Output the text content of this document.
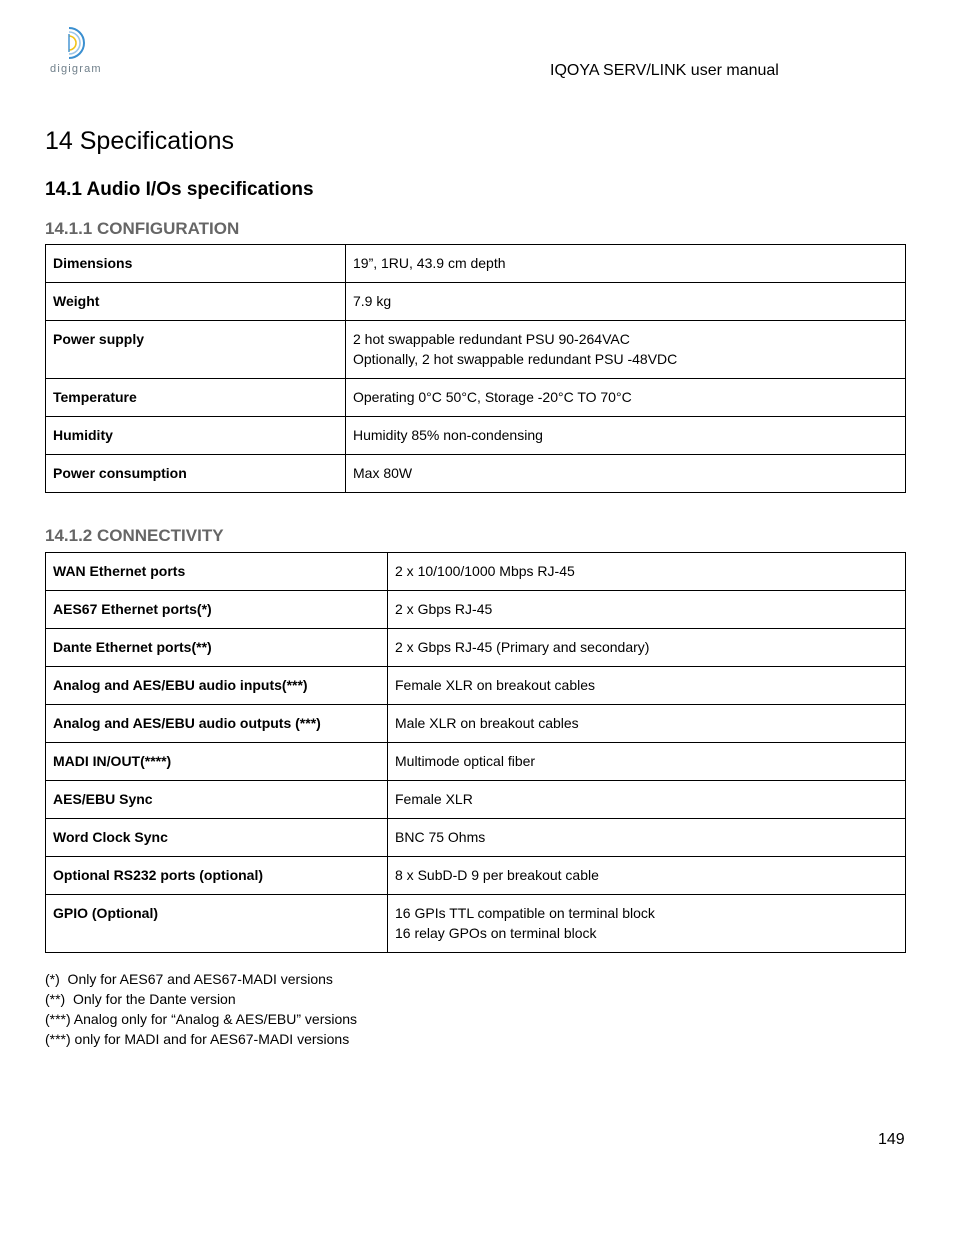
digigram	IQOYA SERV/LINK user manual
14 Specifications
14.1 Audio I/Os specifications
14.1.1 CONFIGURATION
Dimensions	19”, 1RU, 43.9 cm depth

Weight	7.9 kg

Power supply	2 hot swappable redundant PSU 90-264VAC
Optionally, 2 hot swappable redundant PSU -48VDC

Temperature	Operating 0°C 50°C, Storage -20°C TO 70°C

Humidity	Humidity 85% non-condensing

Power consumption	Max 80W
14.1.2 CONNECTIVITY
WAN Ethernet ports	2 x 10/100/1000 Mbps RJ-45

AES67 Ethernet ports(*)	2 x Gbps RJ-45

Dante Ethernet ports(**)	2 x Gbps RJ-45 (Primary and secondary)

Analog and AES/EBU audio inputs(***)	Female XLR on breakout cables

Analog and AES/EBU audio outputs (***)	Male XLR on breakout cables

MADI IN/OUT(****)	Multimode optical fiber

AES/EBU Sync	Female XLR

Word Clock Sync	BNC 75 Ohms

Optional RS232 ports (optional)	8 x SubD-D 9 per breakout cable

GPIO (Optional)	16 GPIs TTL compatible on terminal block
16 relay GPOs on terminal block
(*)  Only for AES67 and AES67-MADI versions
(**)  Only for the Dante version
(***) Analog only for “Analog & AES/EBU” versions
(***) only for MADI and for AES67-MADI versions
149
